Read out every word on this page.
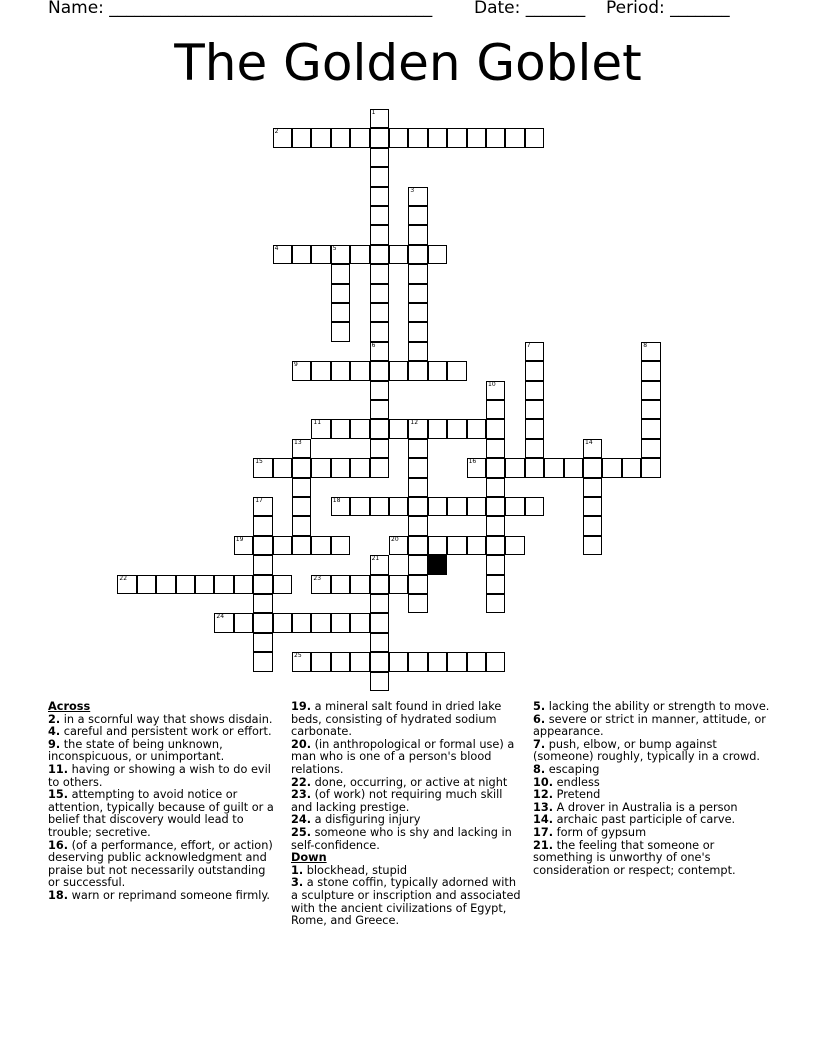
Name: ______________________________________ Date: _______ Period: _______
The Golden Goblet
1
6
2
3
4	5
7	8
9
10
11	12
13	14
15	16
17	18
19	20
21
22	23
24
25
Across
2. in a scornful way that shows disdain.
4. careful and persistent work or effort.
9. the state of being unknown, inconspicuous, or unimportant.
11. having or showing a wish to do evil to others.
15. attempting to avoid notice or attention, typically because of guilt or a belief that discovery would lead to trouble; secretive.
16. (of a performance, effort, or action) deserving public acknowledgment and praise but not necessarily outstanding or successful.
18. warn or reprimand someone firmly.
19. a mineral salt found in dried lake beds, consisting of hydrated sodium carbonate.
20. (in anthropological or formal use) a man who is one of a person's blood relations.
22. done, occurring, or active at night
23. (of work) not requiring much skill and lacking prestige.
24. a disfiguring injury
25. someone who is shy and lacking in self-confidence.
Down
1. blockhead, stupid
3. a stone coffin, typically adorned with a sculpture or inscription and associated with the ancient civilizations of Egypt, Rome, and Greece.
5. lacking the ability or strength to move.
6. severe or strict in manner, attitude, or appearance.
7. push, elbow, or bump against (someone) roughly, typically in a crowd.
8. escaping
10. endless
12. Pretend
13. A drover in Australia is a person
14. archaic past participle of carve.
17. form of gypsum
21. the feeling that someone or something is unworthy of one's consideration or respect; contempt.
